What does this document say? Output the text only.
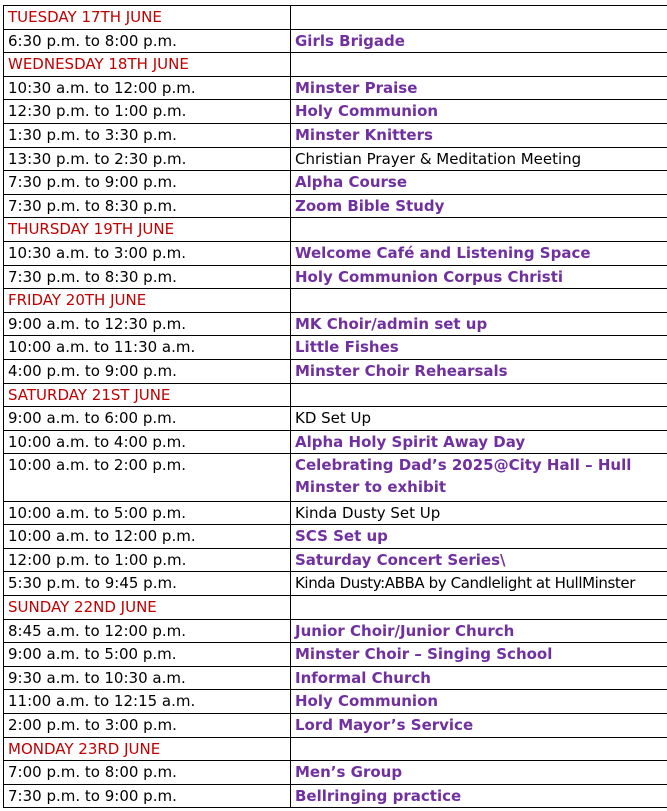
TUESDAY 17TH JUNE	
6:30 p.m. to 8:00 p.m.	Girls Brigade
WEDNESDAY 18TH JUNE	
10:30 a.m. to 12:00 p.m.	Minster Praise
12:30 p.m. to 1:00 p.m.	Holy Communion
1:30 p.m. to 3:30 p.m.	Minster Knitters
13:30 p.m. to 2:30 p.m.	Christian Prayer & Meditation Meeting
7:30 p.m. to 9:00 p.m.	Alpha Course
7:30 p.m. to 8:30 p.m.	Zoom Bible Study
THURSDAY 19TH JUNE	
10:30 a.m. to 3:00 p.m.	Welcome Café and Listening Space
7:30 p.m. to 8:30 p.m.	Holy Communion Corpus Christi
FRIDAY 20TH JUNE	
9:00 a.m. to 12:30 p.m.	MK Choir/admin set up
10:00 a.m. to 11:30 a.m.	Little Fishes
4:00 p.m. to 9:00 p.m.	Minster Choir Rehearsals
SATURDAY 21ST JUNE	
9:00 a.m. to 6:00 p.m.	KD Set Up
10:00 a.m. to 4:00 p.m.	Alpha Holy Spirit Away Day
10:00 a.m. to 2:00 p.m.	Celebrating Dad’s 2025@City Hall – Hull Minster to exhibit
10:00 a.m. to 5:00 p.m.	Kinda Dusty Set Up
10:00 a.m. to 12:00 p.m.	SCS Set up
12:00 p.m. to 1:00 p.m.	Saturday Concert Series\
5:30 p.m. to 9:45 p.m.	Kinda Dusty:ABBA by Candlelight at HullMinster
SUNDAY 22ND JUNE	
8:45 a.m. to 12:00 p.m.	Junior Choir/Junior Church
9:00 a.m. to 5:00 p.m.	Minster Choir – Singing School
9:30 a.m. to 10:30 a.m.	Informal Church
11:00 a.m. to 12:15 a.m.	Holy Communion
2:00 p.m. to 3:00 p.m.	Lord Mayor’s Service
MONDAY 23RD JUNE	
7:00 p.m. to 8:00 p.m.	Men’s Group
7:30 p.m. to 9:00 p.m.	Bellringing practice
